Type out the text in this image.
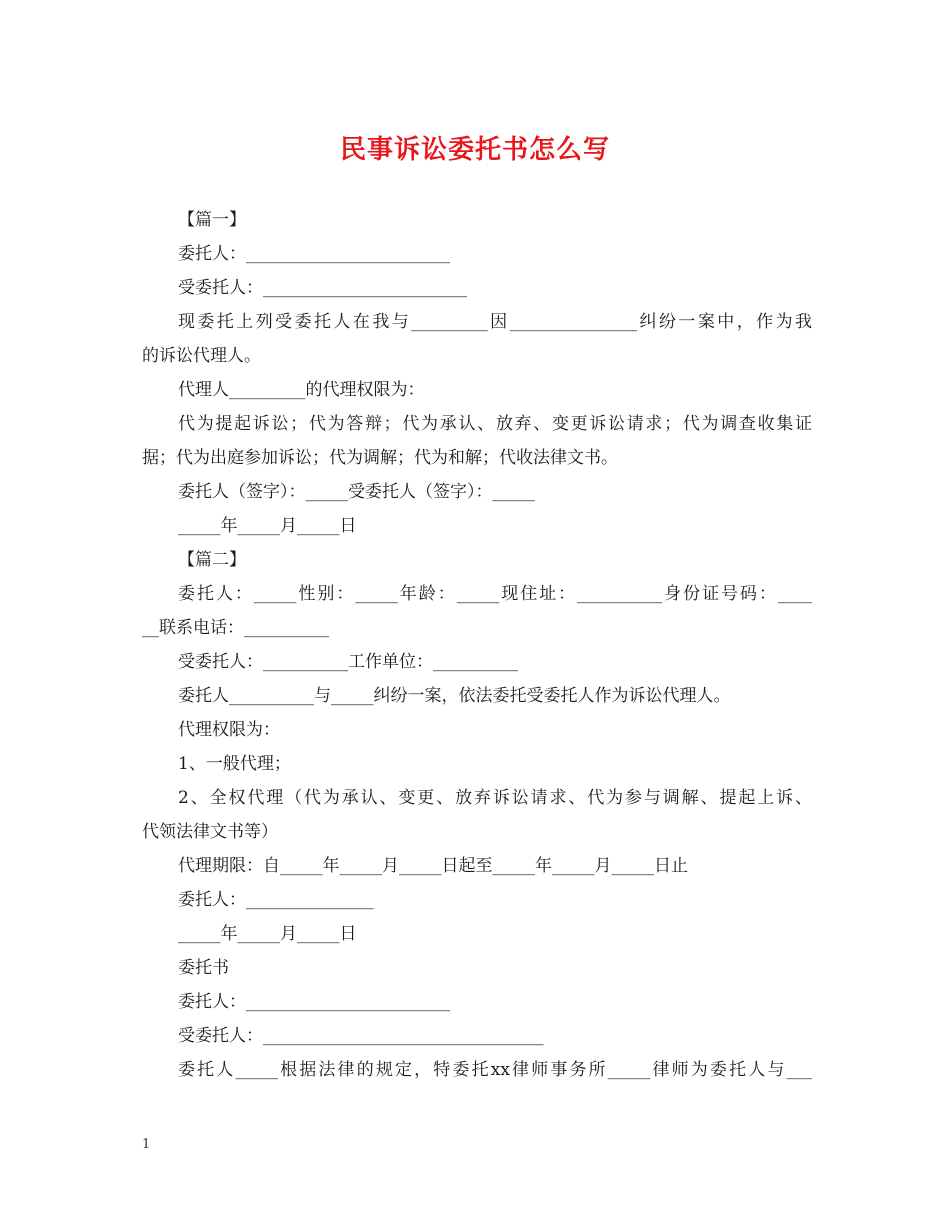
民事诉讼委托书怎么写
【篇一】
委托人：________________________
受委托人：________________________
现委托上列受委托人在我与_________因_______________纠纷一案中，作为我
的诉讼代理人。
代理人_________的代理权限为：
代为提起诉讼；代为答辩；代为承认、放弃、变更诉讼请求；代为调查收集证
据；代为出庭参加诉讼；代为调解；代为和解；代收法律文书。
委托人（签字）：_____受委托人（签字）：_____
_____年_____月_____日
【篇二】
委托人：_____性别：_____年龄：_____现住址：__________身份证号码：____
__联系电话：__________
受委托人：__________工作单位：__________
委托人__________与_____纠纷一案，依法委托受委托人作为诉讼代理人。
代理权限为：
1、一般代理；
2、全权代理（代为承认、变更、放弃诉讼请求、代为参与调解、提起上诉、
代领法律文书等）
代理期限：自_____年_____月_____日起至_____年_____月_____日止
委托人：_______________
_____年_____月_____日
委托书
委托人：________________________
受委托人：_________________________________
委托人_____根据法律的规定，特委托xx律师事务所_____律师为委托人与___
1
